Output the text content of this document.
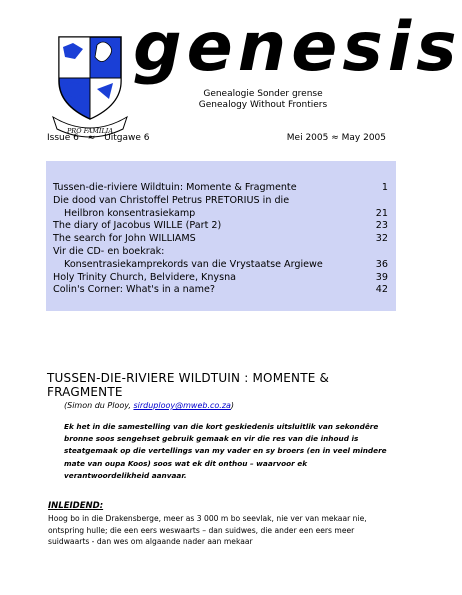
PRO FAMILIA
genesis
Genealogie Sonder grense
Genealogy Without Frontiers
Issue 6 ≈ Uitgawe 6	Mei 2005 ≈ May 2005
Tussen-die-riviere Wildtuin: Momente & Fragmente	1
Die dood van Christoffel Petrus PRETORIUS in die
Heilbron konsentrasiekamp	21
The diary of Jacobus WILLE (Part 2)	23
The search for John WILLIAMS	32
Vir die CD- en boekrak:
Konsentrasiekamprekords van die Vrystaatse Argiewe	36
Holy Trinity Church, Belvidere, Knysna	39
Colin's Corner: What's in a name?	42
TUSSEN-DIE-RIVIERE WILDTUIN : MOMENTE & FRAGMENTE
(Simon du Plooy, sirduplooy@mweb.co.za)

Ek het in die samestelling van die kort geskiedenis uitsluitlik van sekondêre bronne soos sengehset gebruik gemaak en vir die res van die inhoud is steatgemaak op die vertellings van my vader en sy broers (en in veel mindere mate van oupa Koos) soos wat ek dit onthou – waarvoor ek verantwoordelikheid aanvaar.

INLEIDEND:

Hoog bo in die Drakensberge, meer as 3 000 m bo seevlak, nie ver van mekaar nie, ontspring hulle; die een eers weswaarts – dan suidwes, die ander een eers meer suidwaarts - dan wes om algaande nader aan mekaar
